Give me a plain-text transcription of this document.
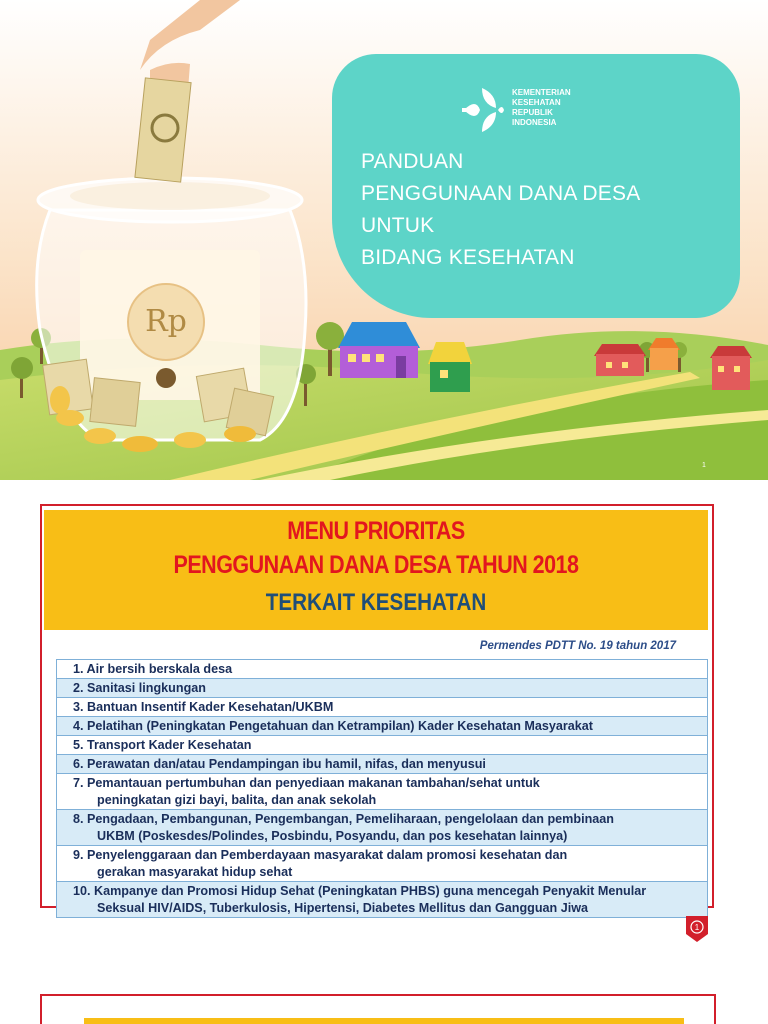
KEMENTERIAN
KESEHATAN
REPUBLIK
INDONESIA
PANDUAN
PENGGUNAAN DANA DESA
UNTUK
BIDANG KESEHATAN
Rp
1
MENU PRIORITAS
PENGGUNAAN DANA DESA TAHUN 2018
TERKAIT KESEHATAN
Permendes PDTT No. 19 tahun 2017
1. Air bersih berskala desa
2. Sanitasi lingkungan
3. Bantuan Insentif Kader Kesehatan/UKBM
4. Pelatihan (Peningkatan Pengetahuan dan Ketrampilan) Kader Kesehatan Masyarakat
5. Transport Kader Kesehatan
6. Perawatan dan/atau Pendampingan ibu hamil, nifas, dan menyusui
7. Pemantauan pertumbuhan dan penyediaan makanan tambahan/sehat untuk
peningkatan gizi bayi, balita, dan anak sekolah
8. Pengadaan, Pembangunan, Pengembangan, Pemeliharaan, pengelolaan dan pembinaan
UKBM (Poskesdes/Polindes, Posbindu, Posyandu, dan pos kesehatan lainnya)
9. Penyelenggaraan dan Pemberdayaan masyarakat dalam promosi kesehatan dan
gerakan masyarakat hidup sehat
10. Kampanye dan Promosi Hidup Sehat (Peningkatan PHBS) guna mencegah Penyakit Menular
Seksual HIV/AIDS, Tuberkulosis, Hipertensi, Diabetes Mellitus dan Gangguan Jiwa
1
